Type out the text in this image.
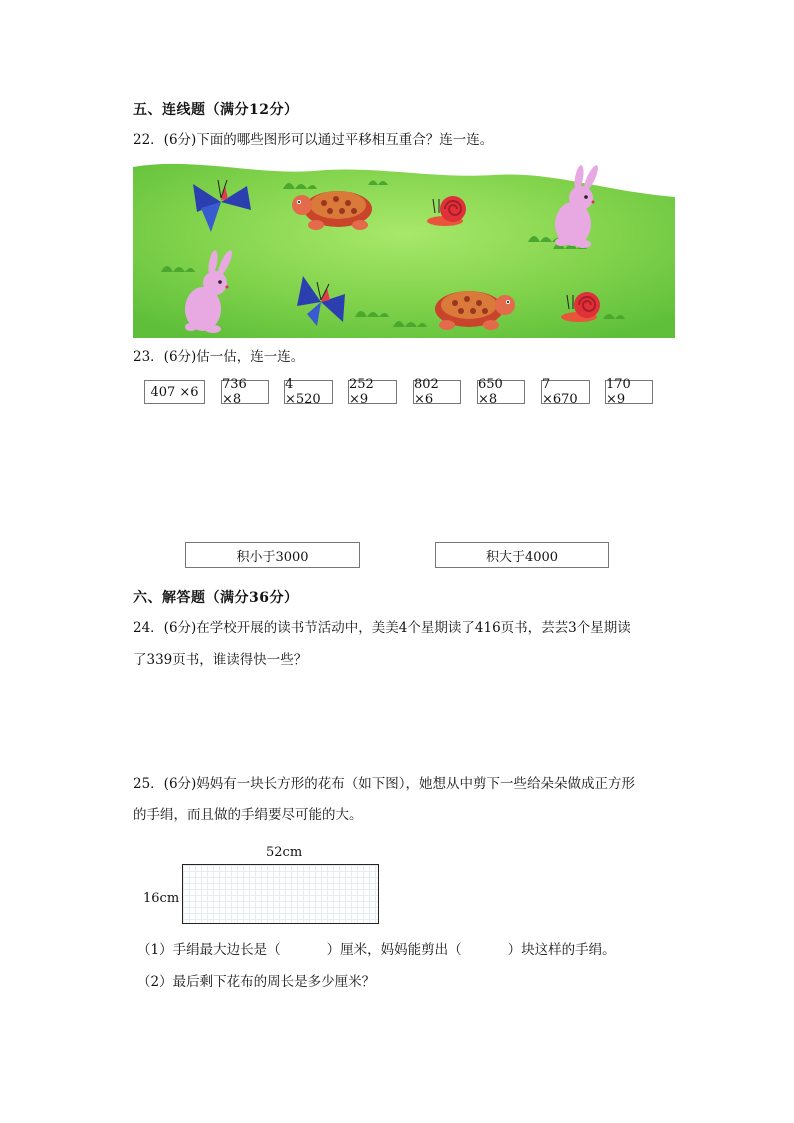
五、连线题（满分12分）
22．(6分)下面的哪些图形可以通过平移相互重合？连一连。
23．(6分)估一估，连一连。
407 ×6	736 ×8
4 ×520
252 ×9
802 ×6
650 ×8
7 ×670
170 ×9
积小于3000	积大于4000
六、解答题（满分36分）
24．(6分)在学校开展的读书节活动中，美美4个星期读了416页书，芸芸3个星期读
了339页书，谁读得快一些？
25．(6分)妈妈有一块长方形的花布（如下图），她想从中剪下一些给朵朵做成正方形
的手绢，而且做的手绢要尽可能的大。
52cm
16cm
（1）手绢最大边长是（	）厘米，妈妈能剪出（	）块这样的手绢。
（2）最后剩下花布的周长是多少厘米？
